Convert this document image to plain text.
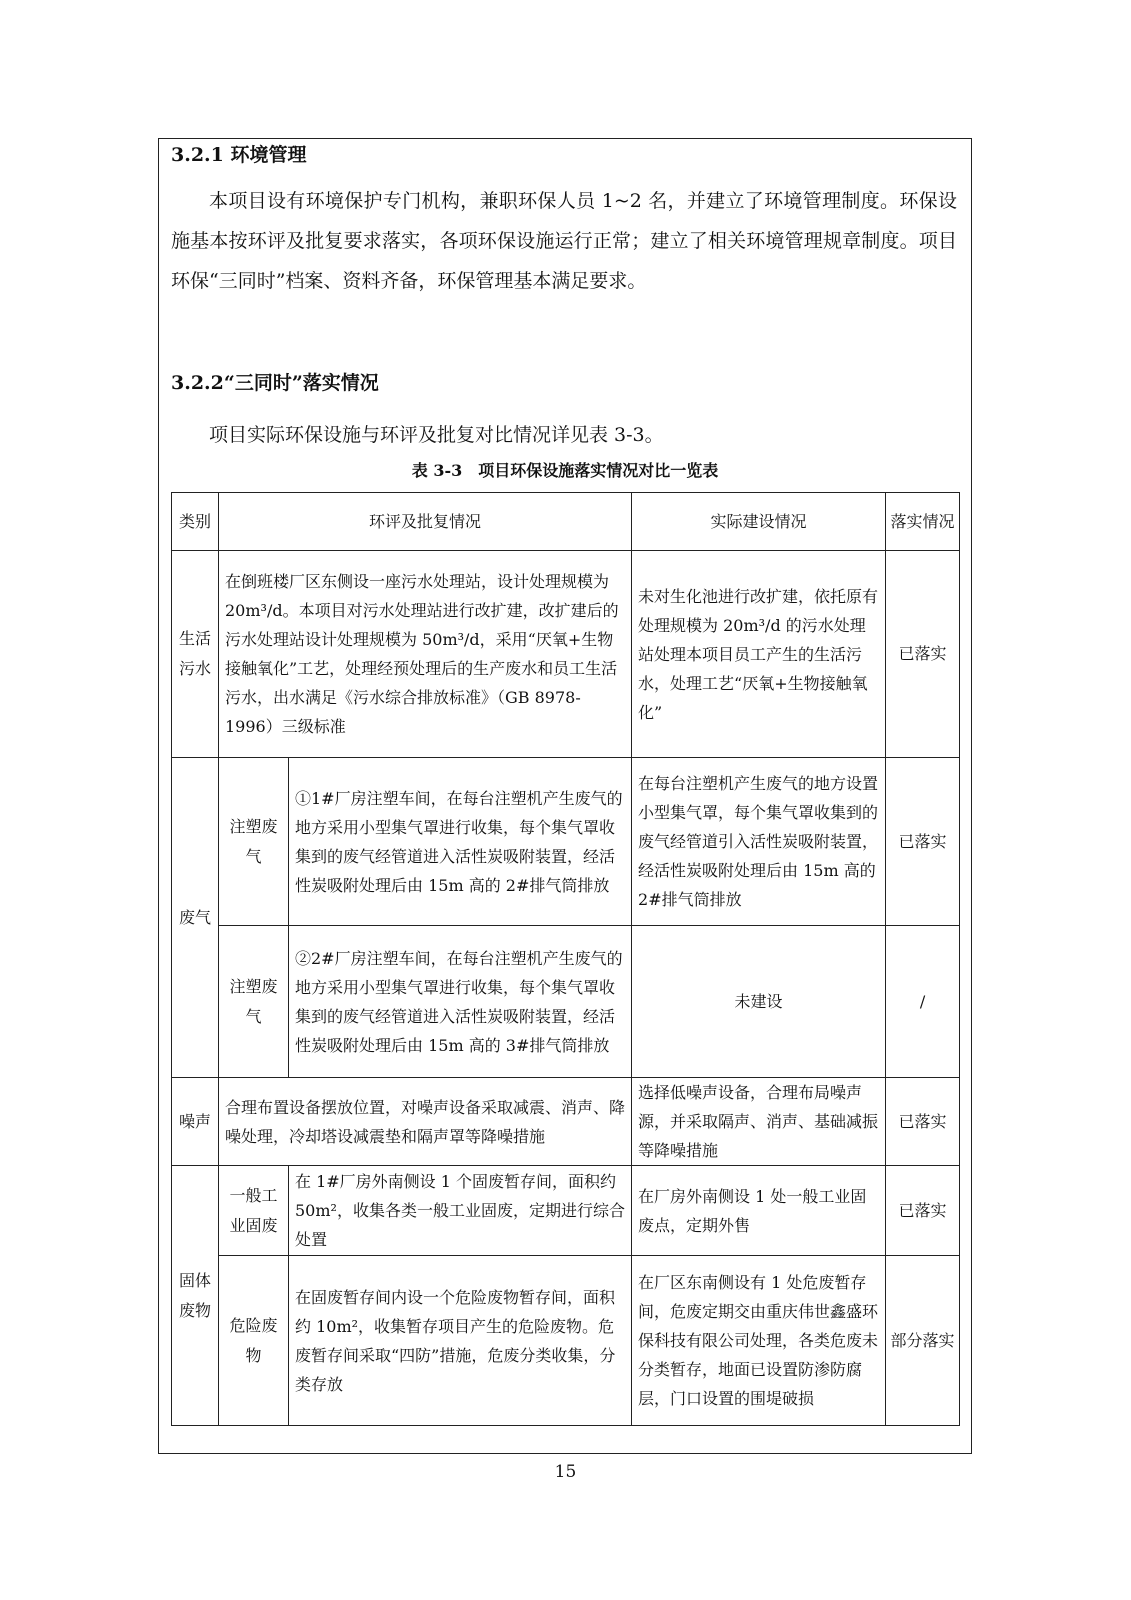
3.2.1 环境管理
本项目设有环境保护专门机构，兼职环保人员 1~2 名，并建立了环境管理制度。环保设施基本按环评及批复要求落实，各项环保设施运行正常；建立了相关环境管理规章制度。项目环保“三同时”档案、资料齐备，环保管理基本满足要求。
3.2.2“三同时”落实情况
项目实际环保设施与环评及批复对比情况详见表 3-3。
表 3-3　项目环保设施落实情况对比一览表
类别	环评及批复情况		实际建设情况	落实情况
生活污水	在倒班楼厂区东侧设一座污水处理站，设计处理规模为 20m³/d。本项目对污水处理站进行改扩建，改扩建后的污水处理站设计处理规模为 50m³/d，采用“厌氧+生物接触氧化”工艺，处理经预处理后的生产废水和员工生活污水，出水满足《污水综合排放标准》（GB 8978-1996）三级标准		未对生化池进行改扩建，依托原有处理规模为 20m³/d 的污水处理站处理本项目员工产生的生活污水，处理工艺“厌氧+生物接触氧化”	已落实
废气	注塑废气	①1#厂房注塑车间，在每台注塑机产生废气的地方采用小型集气罩进行收集，每个集气罩收集到的废气经管道进入活性炭吸附装置，经活性炭吸附处理后由 15m 高的 2#排气筒排放	在每台注塑机产生废气的地方设置小型集气罩，每个集气罩收集到的废气经管道引入活性炭吸附装置，经活性炭吸附处理后由 15m 高的 2#排气筒排放	已落实
	注塑废气	②2#厂房注塑车间，在每台注塑机产生废气的地方采用小型集气罩进行收集，每个集气罩收集到的废气经管道进入活性炭吸附装置，经活性炭吸附处理后由 15m 高的 3#排气筒排放	未建设	/
噪声	合理布置设备摆放位置，对噪声设备采取减震、消声、降噪处理，冷却塔设减震垫和隔声罩等降噪措施		选择低噪声设备，合理布局噪声源，并采取隔声、消声、基础减振等降噪措施	已落实
固体废物	一般工业固废	在 1#厂房外南侧设 1 个固废暂存间，面积约 50m²，收集各类一般工业固废，定期进行综合处置	在厂房外南侧设 1 处一般工业固废点，定期外售	已落实
	危险废物	在固废暂存间内设一个危险废物暂存间，面积约 10m²，收集暂存项目产生的危险废物。危废暂存间采取“四防”措施，危废分类收集，分类存放	在厂区东南侧设有 1 处危废暂存间，危废定期交由重庆伟世鑫盛环保科技有限公司处理，各类危废未分类暂存，地面已设置防渗防腐层，门口设置的围堤破损	部分落实
15
